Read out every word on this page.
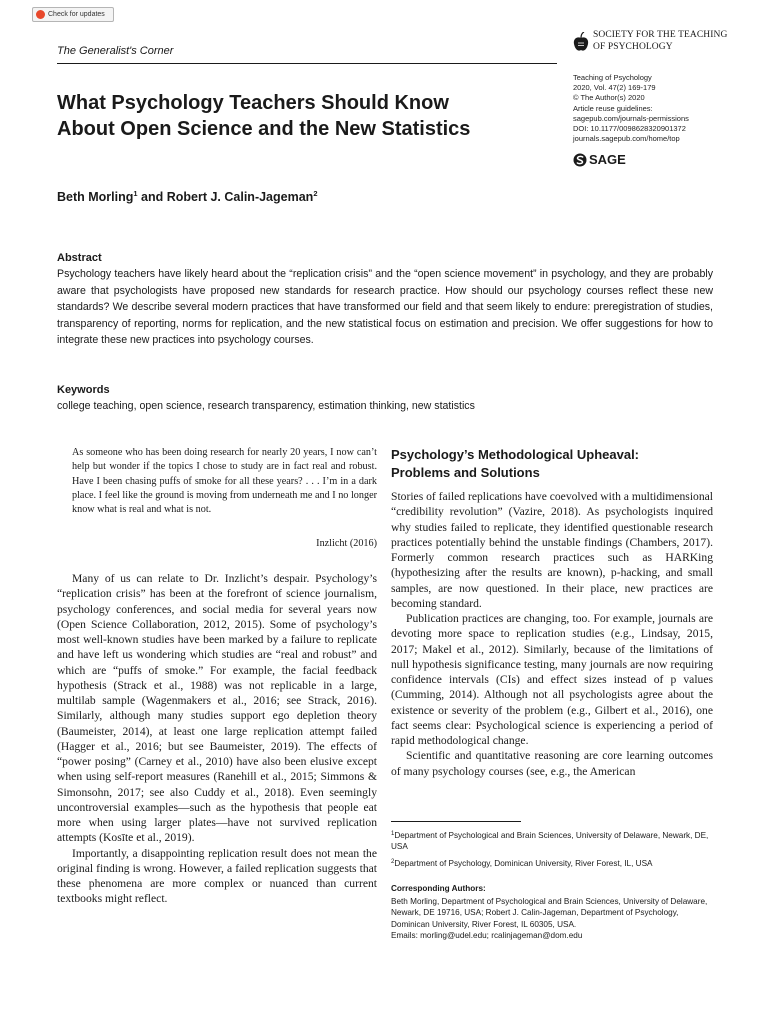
Check for updates
The Generalist's Corner
SOCIETY FOR THE TEACHING
OF PSYCHOLOGY
Teaching of Psychology
2020, Vol. 47(2) 169-179
© The Author(s) 2020
Article reuse guidelines:
sagepub.com/journals-permissions
DOI: 10.1177/0098628320901372
journals.sagepub.com/home/top
SAGE
What Psychology Teachers Should Know
About Open Science and the New Statistics
Beth Morling$^1$ and Robert J. Calin-Jageman$^2$
Abstract
Psychology teachers have likely heard about the “replication crisis” and the “open science movement” in psychology, and they are probably aware that psychologists have proposed new standards for research practice. How should our psychology courses reflect these new standards? We describe several modern practices that have transformed our field and that seem likely to endure: preregistration of studies, transparency of reporting, norms for replication, and the new statistical focus on estimation and precision. We offer suggestions for how to integrate these new practices into psychology courses.
Keywords
college teaching, open science, research transparency, estimation thinking, new statistics
As someone who has been doing research for nearly 20 years, I now can’t help but wonder if the topics I chose to study are in fact real and robust. Have I been chasing puffs of smoke for all these years? . . . I’m in a dark place. I feel like the ground is moving from underneath me and I no longer know what is real and what is not.
Inzlicht (2016)

Many of us can relate to Dr. Inzlicht’s despair. Psychology’s “replication crisis” has been at the forefront of science journalism, psychology conferences, and social media for several years now (Open Science Collaboration, 2012, 2015). Some of psychology’s most well-known studies have been marked by a failure to replicate and have left us wondering which studies are “real and robust” and which are “puffs of smoke.” For example, the facial feedback hypothesis (Strack et al., 1988) was not replicable in a large, multilab sample (Wagenmakers et al., 2016; see Strack, 2016). Similarly, although many studies support ego depletion theory (Baumeister, 2014), at least one large replication attempt failed (Hagger et al., 2016; but see Baumeister, 2019). The effects of “power posing” (Carney et al., 2010) have also been elusive except when using self-report measures (Ranehill et al., 2015; Simmons & Simonsohn, 2017; see also Cuddy et al., 2018). Even seemingly uncontroversial examples—such as the hypothesis that people eat more when using larger plates—have not survived replication attempts (Kosīte et al., 2019).

Importantly, a disappointing replication result does not mean the original finding is wrong. However, a failed replication suggests that these phenomena are more complex or nuanced than current textbooks might reflect.

Psychology’s Methodological Upheaval:
Problems and Solutions

Stories of failed replications have coevolved with a multidimensional “credibility revolution” (Vazire, 2018). As psychologists inquired why studies failed to replicate, they identified questionable research practices potentially behind the unstable findings (Chambers, 2017). Formerly common research practices such as HARKing (hypothesizing after the results are known), p-hacking, and small samples, are now questioned. In their place, new practices are becoming standard.

Publication practices are changing, too. For example, journals are devoting more space to replication studies (e.g., Lindsay, 2015, 2017; Makel et al., 2012). Similarly, because of the limitations of null hypothesis significance testing, many journals are now requiring confidence intervals (CIs) and effect sizes instead of p values (Cumming, 2014). Although not all psychologists agree about the existence or severity of the problem (e.g., Gilbert et al., 2016), one fact seems clear: Psychological science is experiencing a period of rapid methodological change.

Scientific and quantitative reasoning are core learning outcomes of many psychology courses (see, e.g., the American

$^1$Department of Psychological and Brain Sciences, University of Delaware, Newark, DE, USA
$^2$Department of Psychology, Dominican University, River Forest, IL, USA
Corresponding Authors:
Beth Morling, Department of Psychological and Brain Sciences, University of Delaware, Newark, DE 19716, USA; Robert J. Calin-Jageman, Department of Psychology, Dominican University, River Forest, IL 60305, USA.
Emails: morling@udel.edu; rcalinjageman@dom.edu
